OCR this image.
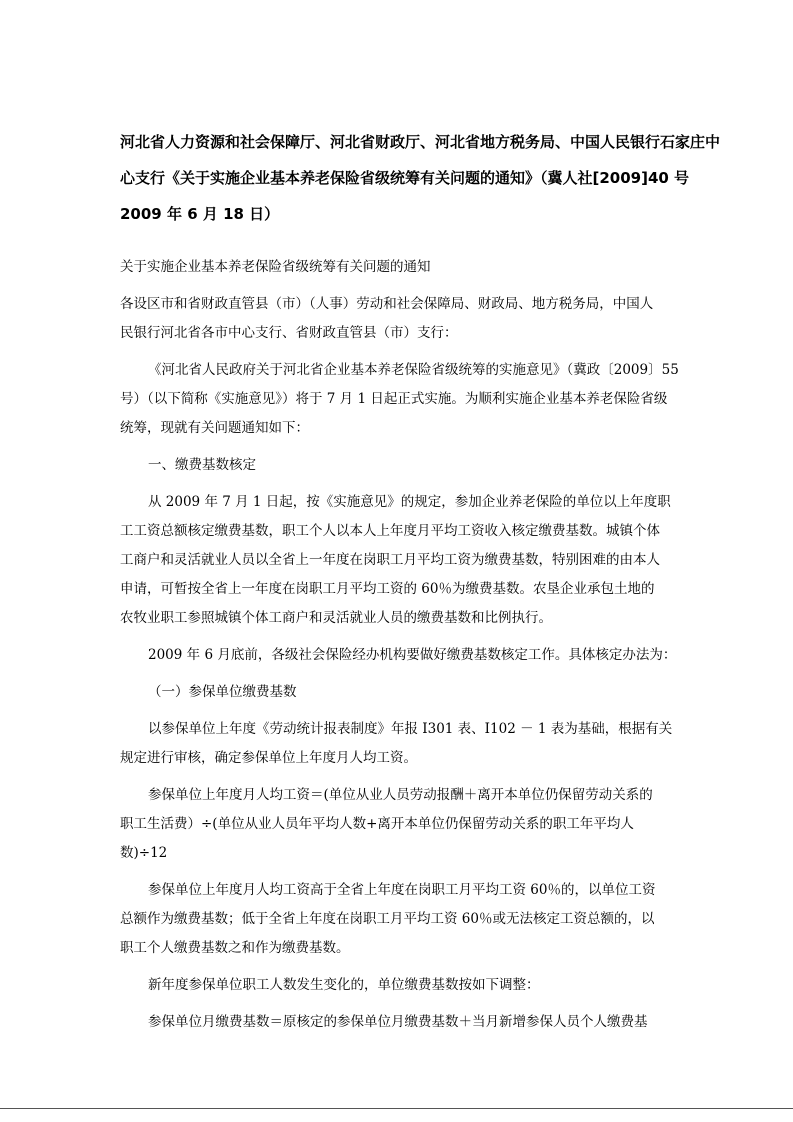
河北省人力资源和社会保障厅、河北省财政厅、河北省地方税务局、中国人民银行石家庄中
心支行《关于实施企业基本养老保险省级统筹有关问题的通知》（冀人社[2009]40 号
2009 年 6 月 18 日）
关于实施企业基本养老保险省级统筹有关问题的通知
各设区市和省财政直管县（市）（人事）劳动和社会保障局、财政局、地方税务局，中国人
民银行河北省各市中心支行、省财政直管县（市）支行：
《河北省人民政府关于河北省企业基本养老保险省级统筹的实施意见》（冀政〔2009〕55
号）（以下简称《实施意见》）将于 7 月 1 日起正式实施。为顺利实施企业基本养老保险省级
统筹，现就有关问题通知如下：
一、缴费基数核定
从 2009 年 7 月 1 日起，按《实施意见》的规定，参加企业养老保险的单位以上年度职
工工资总额核定缴费基数，职工个人以本人上年度月平均工资收入核定缴费基数。城镇个体
工商户和灵活就业人员以全省上一年度在岗职工月平均工资为缴费基数，特别困难的由本人
申请，可暂按全省上一年度在岗职工月平均工资的 60％为缴费基数。农垦企业承包土地的
农牧业职工参照城镇个体工商户和灵活就业人员的缴费基数和比例执行。
2009 年 6 月底前，各级社会保险经办机构要做好缴费基数核定工作。具体核定办法为：
（一）参保单位缴费基数
以参保单位上年度《劳动统计报表制度》年报 I301 表、I102 － 1 表为基础，根据有关
规定进行审核，确定参保单位上年度月人均工资。
参保单位上年度月人均工资＝(单位从业人员劳动报酬＋离开本单位仍保留劳动关系的
职工生活费）÷(单位从业人员年平均人数+离开本单位仍保留劳动关系的职工年平均人
数)÷12
参保单位上年度月人均工资高于全省上年度在岗职工月平均工资 60％的，以单位工资
总额作为缴费基数；低于全省上年度在岗职工月平均工资 60％或无法核定工资总额的，以
职工个人缴费基数之和作为缴费基数。
新年度参保单位职工人数发生变化的，单位缴费基数按如下调整：
参保单位月缴费基数＝原核定的参保单位月缴费基数＋当月新增参保人员个人缴费基
